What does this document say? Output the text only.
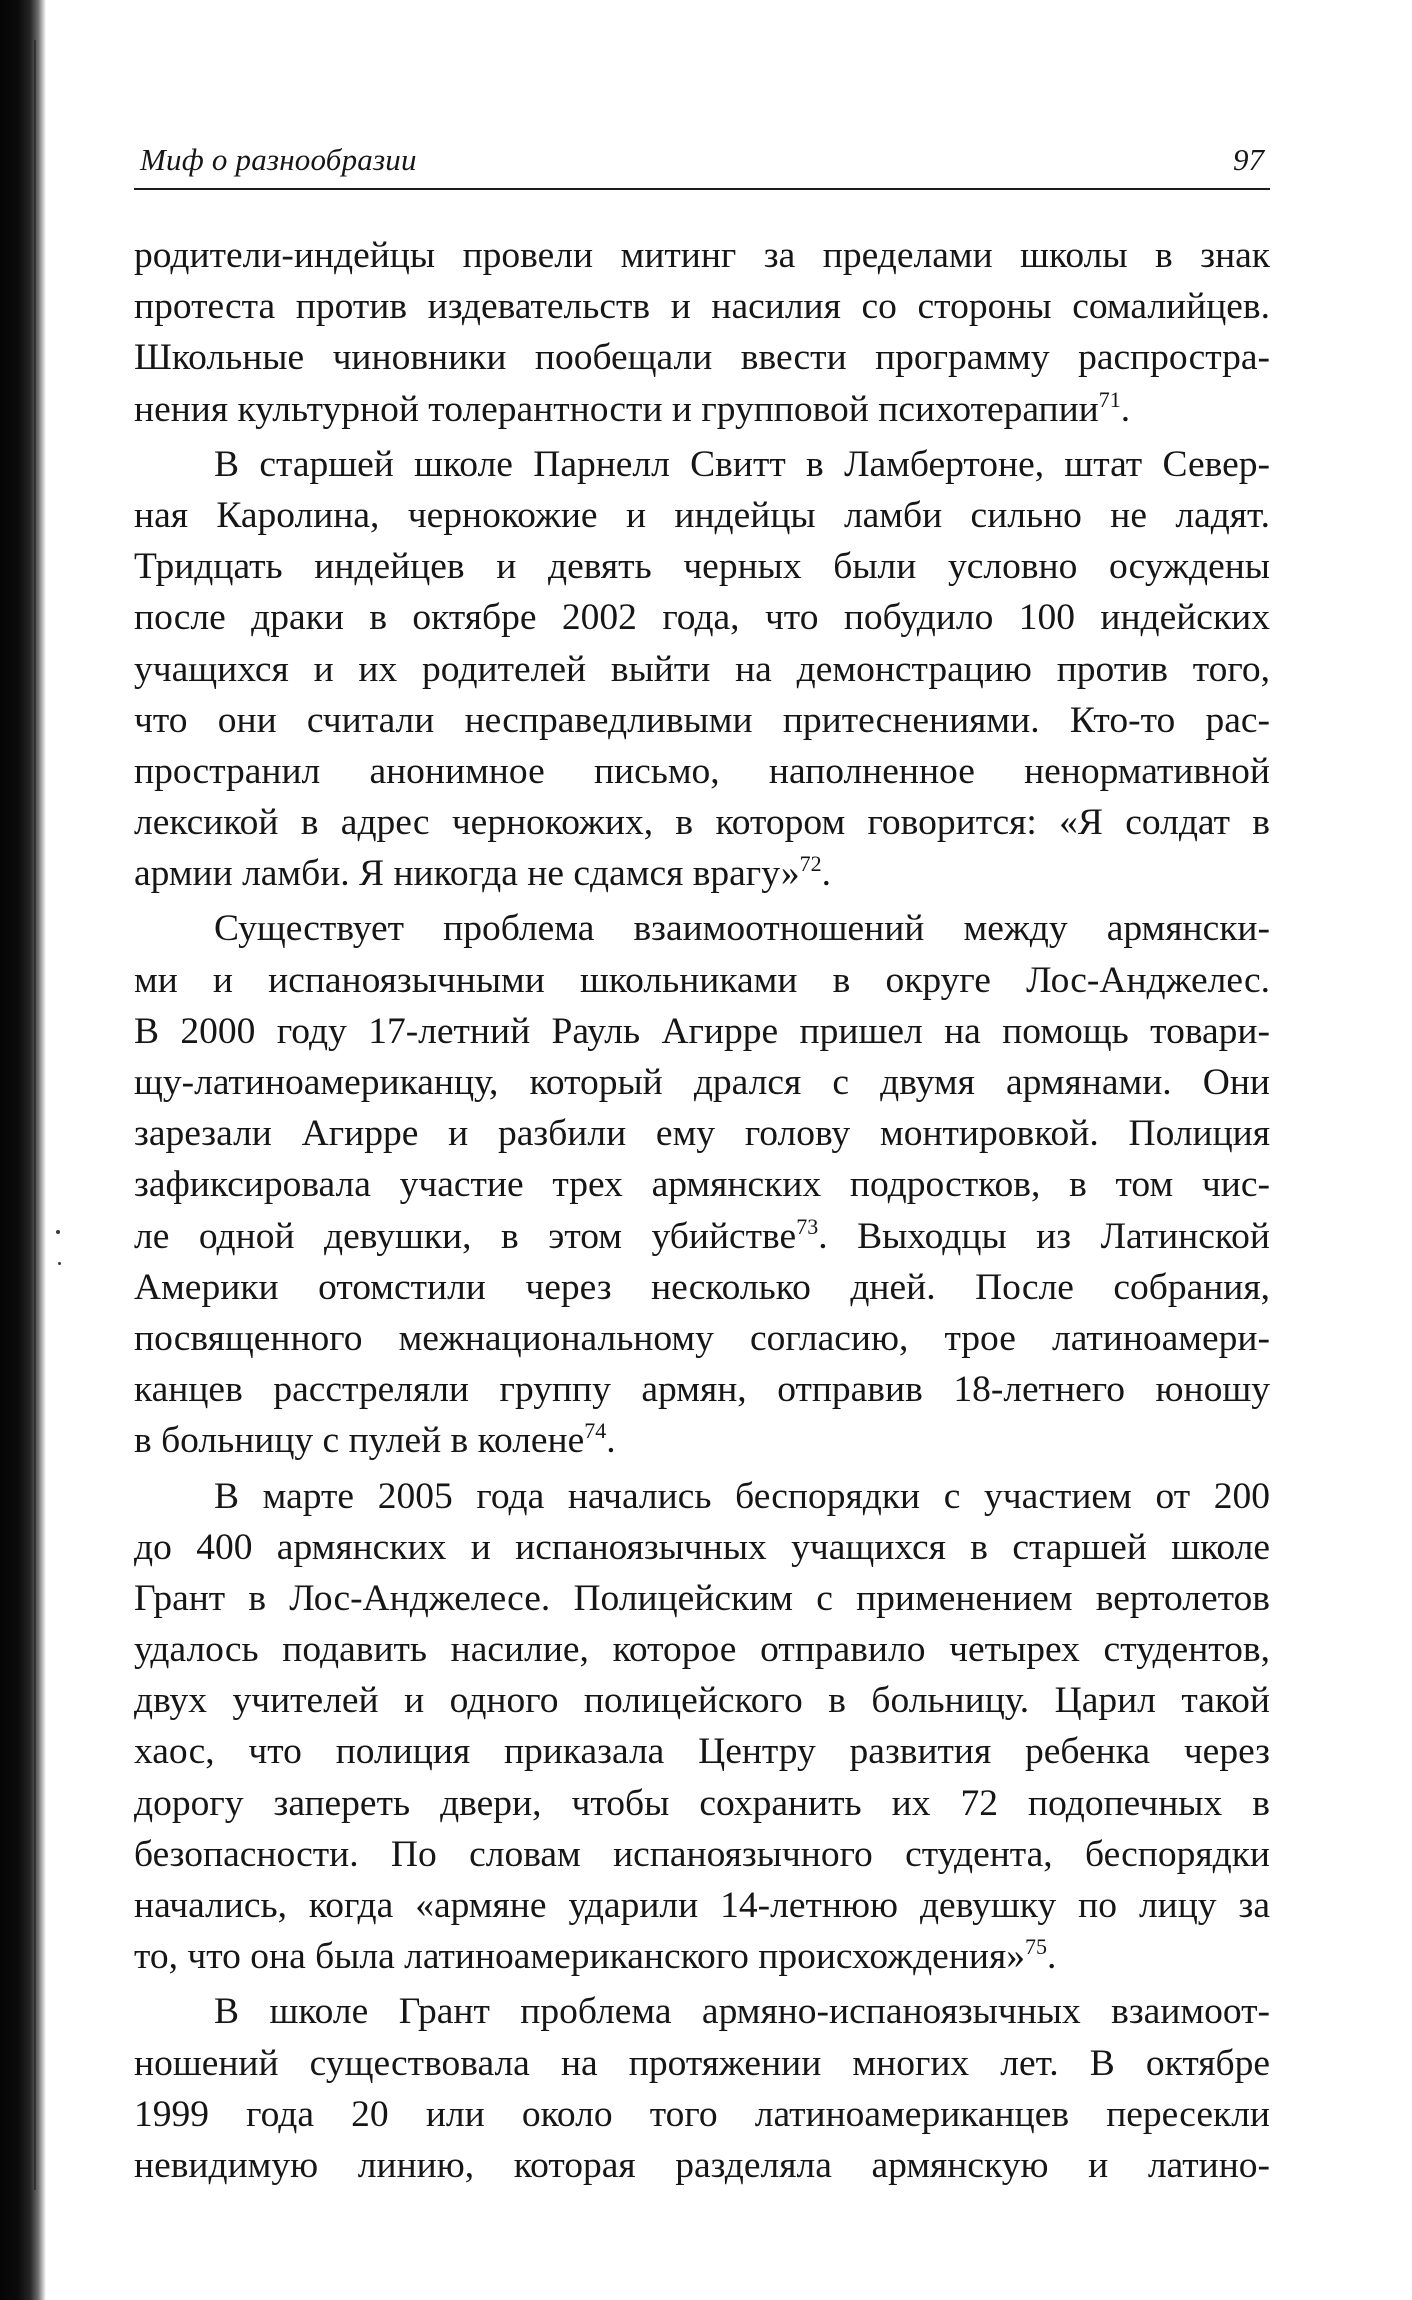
Миф о разнообразии	97
родители-индейцы провели митинг за пределами школы в знак
протеста против издевательств и насилия со стороны сомалийцев.
Школьные чиновники пообещали ввести программу распростра-
нения культурной толерантности и групповой психотерапии$^{71}$.
В старшей школе Парнелл Свитт в Ламбертоне, штат Север-
ная Каролина, чернокожие и индейцы ламби сильно не ладят.
Тридцать индейцев и девять черных были условно осуждены
после драки в октябре 2002 года, что побудило 100 индейских
учащихся и их родителей выйти на демонстрацию против того,
что они считали несправедливыми притеснениями. Кто-то рас-
пространил анонимное письмо, наполненное ненормативной
лексикой в адрес чернокожих, в котором говорится: «Я солдат в
армии ламби. Я никогда не сдамся врагу»$^{72}$.
Существует проблема взаимоотношений между армянски-
ми и испаноязычными школьниками в округе Лос-Анджелес.
В 2000 году 17-летний Рауль Агирре пришел на помощь товари-
щу-латиноамериканцу, который дрался с двумя армянами. Они
зарезали Агирре и разбили ему голову монтировкой. Полиция
зафиксировала участие трех армянских подростков, в том чис-
ле одной девушки, в этом убийстве$^{73}$. Выходцы из Латинской
Америки отомстили через несколько дней. После собрания,
посвященного межнациональному согласию, трое латиноамери-
канцев расстреляли группу армян, отправив 18-летнего юношу
в больницу с пулей в колене$^{74}$.
В марте 2005 года начались беспорядки с участием от 200
до 400 армянских и испаноязычных учащихся в старшей школе
Грант в Лос-Анджелесе. Полицейским с применением вертолетов
удалось подавить насилие, которое отправило четырех студентов,
двух учителей и одного полицейского в больницу. Царил такой
хаос, что полиция приказала Центру развития ребенка через
дорогу запереть двери, чтобы сохранить их 72 подопечных в
безопасности. По словам испаноязычного студента, беспорядки
начались, когда «армяне ударили 14-летнюю девушку по лицу за
то, что она была латиноамериканского происхождения»$^{75}$.
В школе Грант проблема армяно-испаноязычных взаимоот-
ношений существовала на протяжении многих лет. В октябре
1999 года 20 или около того латиноамериканцев пересекли
невидимую линию, которая разделяла армянскую и латино-
